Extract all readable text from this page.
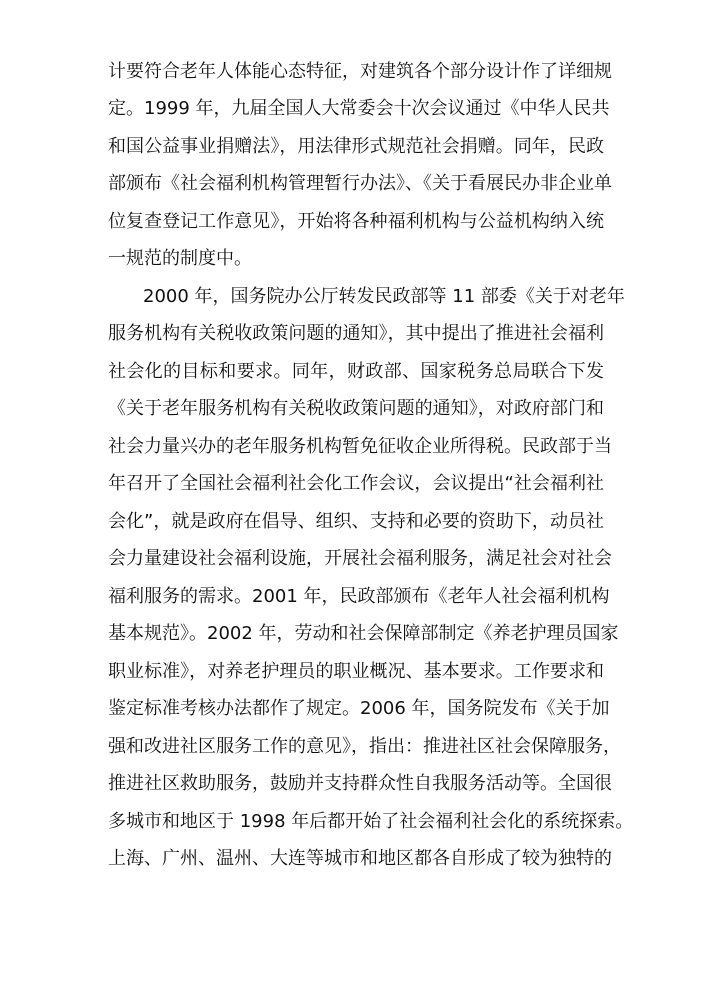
计要符合老年人体能心态特征，对建筑各个部分设计作了详细规
定。1999 年，九届全国人大常委会十次会议通过《中华人民共
和国公益事业捐赠法》，用法律形式规范社会捐赠。同年，民政
部颁布《社会福利机构管理暂行办法》、《关于看展民办非企业单
位复查登记工作意见》，开始将各种福利机构与公益机构纳入统
一规范的制度中。
2000 年，国务院办公厅转发民政部等 11 部委《关于对老年
服务机构有关税收政策问题的通知》，其中提出了推进社会福利
社会化的目标和要求。同年，财政部、国家税务总局联合下发
《关于老年服务机构有关税收政策问题的通知》，对政府部门和
社会力量兴办的老年服务机构暂免征收企业所得税。民政部于当
年召开了全国社会福利社会化工作会议，会议提出“社会福利社
会化”，就是政府在倡导、组织、支持和必要的资助下，动员社
会力量建设社会福利设施，开展社会福利服务，满足社会对社会
福利服务的需求。2001 年，民政部颁布《老年人社会福利机构
基本规范》。2002 年，劳动和社会保障部制定《养老护理员国家
职业标准》，对养老护理员的职业概况、基本要求。工作要求和
鉴定标准考核办法都作了规定。2006 年，国务院发布《关于加
强和改进社区服务工作的意见》，指出：推进社区社会保障服务，
推进社区救助服务，鼓励并支持群众性自我服务活动等。全国很
多城市和地区于 1998 年后都开始了社会福利社会化的系统探索。
上海、广州、温州、大连等城市和地区都各自形成了较为独特的
